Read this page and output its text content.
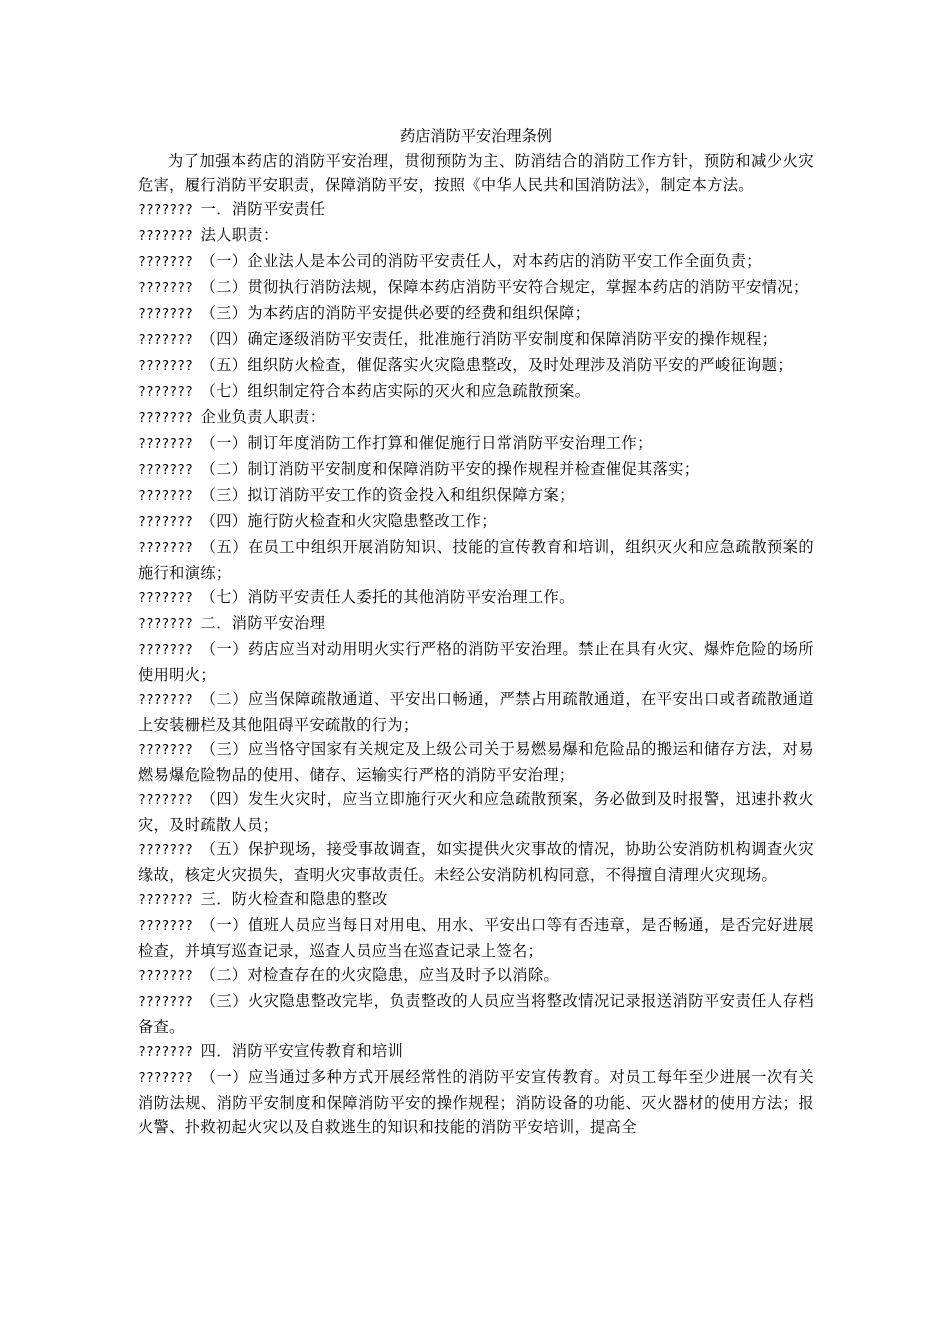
药店消防平安治理条例

为了加强本药店的消防平安治理，贯彻预防为主、防消结合的消防工作方针，预防和减少火灾危害，履行消防平安职责，保障消防平安，按照《中华人民共和国消防法》，制定本方法。

??????? 一．消防平安责任

??????? 法人职责：

??????? （一）企业法人是本公司的消防平安责任人，对本药店的消防平安工作全面负责；

??????? （二）贯彻执行消防法规，保障本药店消防平安符合规定，掌握本药店的消防平安情况；

??????? （三）为本药店的消防平安提供必要的经费和组织保障；

??????? （四）确定逐级消防平安责任，批准施行消防平安制度和保障消防平安的操作规程；

??????? （五）组织防火检查，催促落实火灾隐患整改，及时处理涉及消防平安的严峻征询题；

??????? （七）组织制定符合本药店实际的灭火和应急疏散预案。

??????? 企业负责人职责：

??????? （一）制订年度消防工作打算和催促施行日常消防平安治理工作；

??????? （二）制订消防平安制度和保障消防平安的操作规程并检查催促其落实；

??????? （三）拟订消防平安工作的资金投入和组织保障方案；

??????? （四）施行防火检查和火灾隐患整改工作；

??????? （五）在员工中组织开展消防知识、技能的宣传教育和培训，组织灭火和应急疏散预案的施行和演练；

??????? （七）消防平安责任人委托的其他消防平安治理工作。

??????? 二．消防平安治理

??????? （一）药店应当对动用明火实行严格的消防平安治理。禁止在具有火灾、爆炸危险的场所使用明火；

??????? （二）应当保障疏散通道、平安出口畅通，严禁占用疏散通道，在平安出口或者疏散通道上安装栅栏及其他阻碍平安疏散的行为；

??????? （三）应当恪守国家有关规定及上级公司关于易燃易爆和危险品的搬运和储存方法，对易燃易爆危险物品的使用、储存、运输实行严格的消防平安治理；

??????? （四）发生火灾时，应当立即施行灭火和应急疏散预案，务必做到及时报警，迅速扑救火灾，及时疏散人员；

??????? （五）保护现场，接受事故调查，如实提供火灾事故的情况，协助公安消防机构调查火灾缘故，核定火灾损失，查明火灾事故责任。未经公安消防机构同意，不得擅自清理火灾现场。

??????? 三．防火检查和隐患的整改

??????? （一）值班人员应当每日对用电、用水、平安出口等有否违章，是否畅通，是否完好进展检查，并填写巡查记录，巡查人员应当在巡查记录上签名；

??????? （二）对检查存在的火灾隐患，应当及时予以消除。

??????? （三）火灾隐患整改完毕，负责整改的人员应当将整改情况记录报送消防平安责任人存档备查。

??????? 四．消防平安宣传教育和培训

??????? （一）应当通过多种方式开展经常性的消防平安宣传教育。对员工每年至少进展一次有关消防法规、消防平安制度和保障消防平安的操作规程；消防设备的功能、灭火器材的使用方法；报火警、扑救初起火灾以及自救逃生的知识和技能的消防平安培训，提高全
